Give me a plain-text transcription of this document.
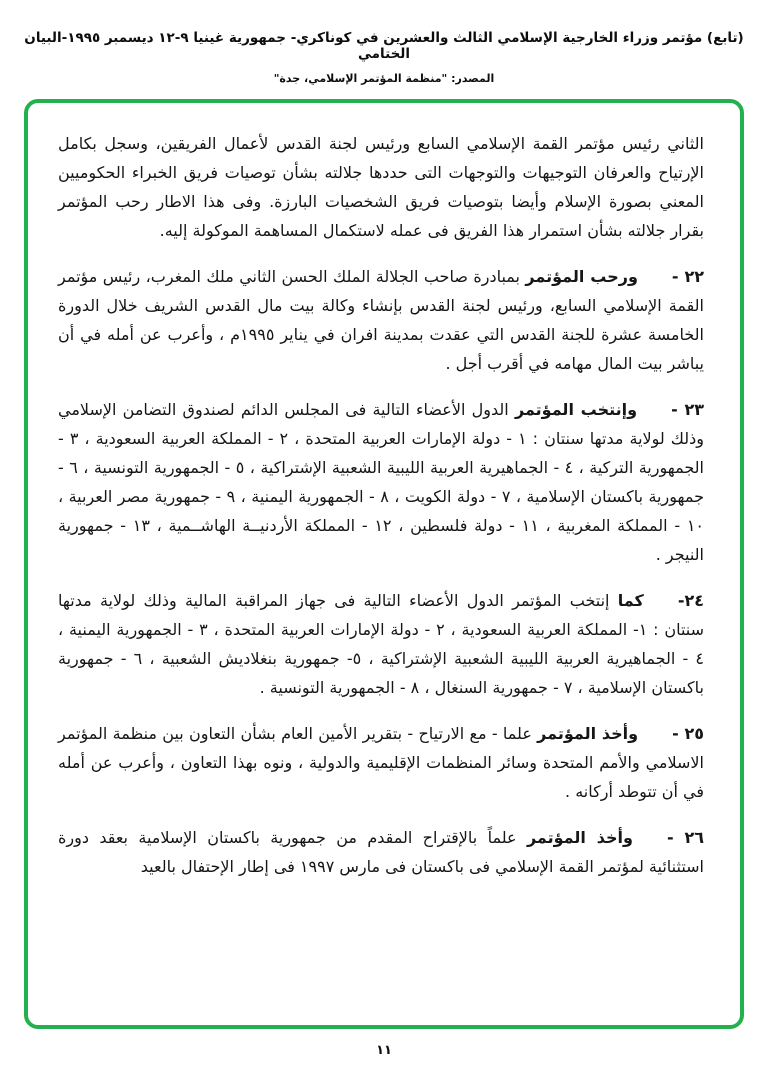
(تابع) مؤتمر وزراء الخارجية الإسلامي الثالث والعشرين في كوناكري- جمهورية غينيا ٩-١٢ ديسمبر ١٩٩٥-البيان الختامي
المصدر: "منظمة المؤتمر الإسلامي، جدة"

الثاني رئيس مؤتمر القمة الإسلامي السابع ورئيس لجنة القدس لأعمال الفريقين، وسجل بكامل الإرتياح والعرفان التوجيهات والتوجهات التى حددها جلالته بشأن توصيات فريق الخبراء الحكوميين المعني بصورة الإسلام وأيضا بتوصيات فريق الشخصيات البارزة. وفى هذا الاطار رحب المؤتمر بقرار جلالته بشأن استمرار هذا الفريق فى عمله لاستكمال المساهمة الموكولة إليه.

٢٢ -ورحب المؤتمر بمبادرة صاحب الجلالة الملك الحسن الثاني ملك المغرب، رئيس مؤتمر القمة الإسلامي السابع، ورئيس لجنة القدس بإنشاء وكالة بيت مال القدس الشريف خلال الدورة الخامسة عشرة للجنة القدس التي عقدت بمدينة افران في يناير ١٩٩٥م ، وأعرب عن أمله في أن يباشر بيت المال مهامه في أقرب أجل .

٢٣ -وإنتخب المؤتمر الدول الأعضاء التالية فى المجلس الدائم لصندوق التضامن الإسلامي وذلك لولاية مدتها سنتان : ١ - دولة الإمارات العربية المتحدة ، ٢ - المملكة العربية السعودية ، ٣ - الجمهورية التركية ، ٤ - الجماهيرية العربية الليبية الشعبية الإشتراكية ، ٥ - الجمهورية التونسية ، ٦ - جمهورية باكستان الإسلامية ، ٧ - دولة الكويت ، ٨ - الجمهورية اليمنية ، ٩ - جمهورية مصر العربية ، ١٠ - المملكة المغربية ، ١١ - دولة فلسطين ، ١٢ - المملكة الأردنيــة الهاشــمية ، ١٣ - جمهورية النيجر .

٢٤-كما إنتخب المؤتمر الدول الأعضاء التالية فى جهاز المراقبة المالية وذلك لولاية مدتها سنتان : ١- المملكة العربية السعودية ، ٢ - دولة الإمارات العربية المتحدة ، ٣ - الجمهورية اليمنية ، ٤ - الجماهيرية العربية الليبية الشعبية الإشتراكية ، ٥- جمهورية بنغلاديش الشعبية ، ٦ - جمهورية باكستان الإسلامية ، ٧ - جمهورية السنغال ، ٨ - الجمهورية التونسية .

٢٥ -وأخذ المؤتمر علما - مع الارتياح - بتقرير الأمين العام بشأن التعاون بين منظمة المؤتمر الاسلامي والأمم المتحدة وسائر المنظمات الإقليمية والدولية ، ونوه بهذا التعاون ، وأعرب عن أمله في أن تتوطد أركانه .

٢٦ -وأخذ المؤتمر علماً بالإقتراح المقدم من جمهورية باكستان الإسلامية بعقد دورة استثنائية لمؤتمر القمة الإسلامي فى باكستان فى مارس ١٩٩٧ فى إطار الإحتفال بالعيد

١١
